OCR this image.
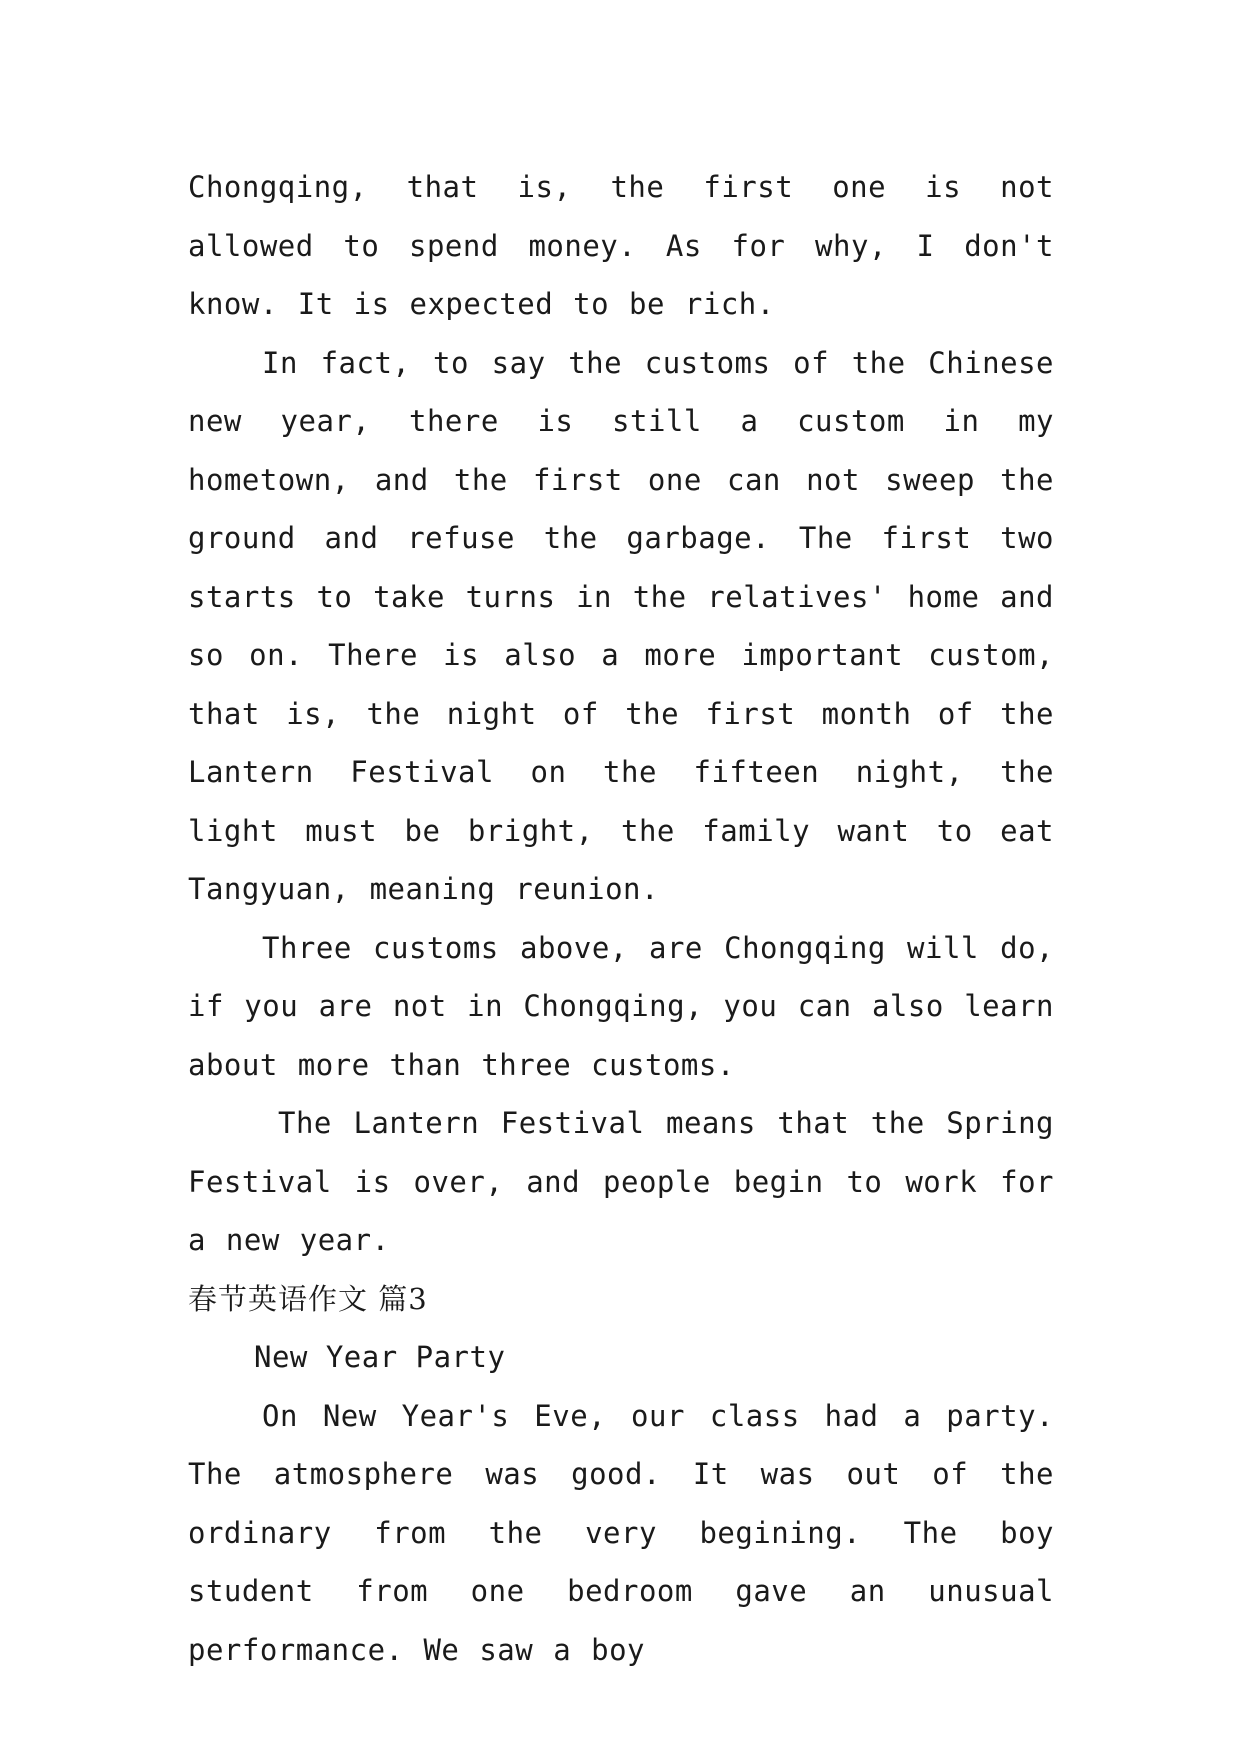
Chongqing, that is, the first one is not allowed to spend money. As for why, I don't know. It is expected to be rich.

In fact, to say the customs of the Chinese new year, there is still a custom in my hometown, and the first one can not sweep the ground and refuse the garbage. The first two starts to take turns in the relatives' home and so on. There is also a more important custom, that is, the night of the first month of the Lantern Festival on the fifteen night, the light must be bright, the family want to eat Tangyuan, meaning reunion.

Three customs above, are Chongqing will do, if you are not in Chongqing, you can also learn about more than three customs.

The Lantern Festival means that the Spring Festival is over, and people begin to work for a new year.

春节英语作文 篇3

New Year Party

On New Year's Eve, our class had a party. The atmosphere was good. It was out of the ordinary from the very begining. The boy student from one bedroom gave an unusual performance. We saw a boy
